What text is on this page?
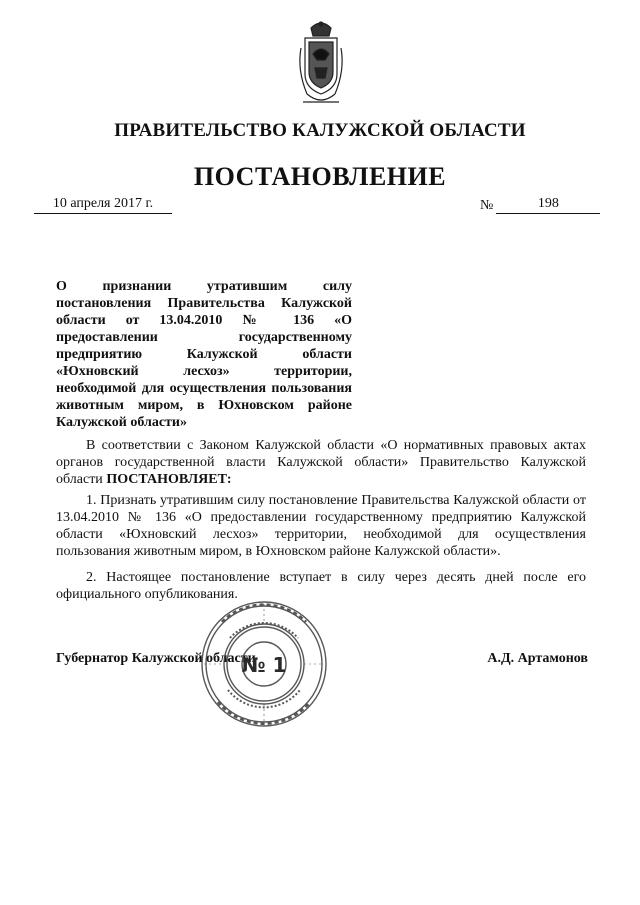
ПРАВИТЕЛЬСТВО КАЛУЖСКОЙ ОБЛАСТИ
ПОСТАНОВЛЕНИЕ
10 апреля 2017 г.	№	198

О признании утратившим силу постановления Правительства Калужской области от 13.04.2010 № 136 «О предоставлении государственному предприятию Калужской области «Юхновский лесхоз» территории, необходимой для осуществления пользования животным миром, в Юхновском районе Калужской области»

В соответствии с Законом Калужской области «О нормативных правовых актах органов государственной власти Калужской области» Правительство Калужской области ПОСТАНОВЛЯЕТ:

1. Признать утратившим силу постановление Правительства Калужской области от 13.04.2010 № 136 «О предоставлении государственному предприятию Калужской области «Юхновский лесхоз» территории, необходимой для осуществления пользования животным миром, в Юхновском районе Калужской области».

2. Настоящее постановление вступает в силу через десять дней после его официального опубликования.

Губернатор Калужской области	А.Д. Артамонов
№ 1
